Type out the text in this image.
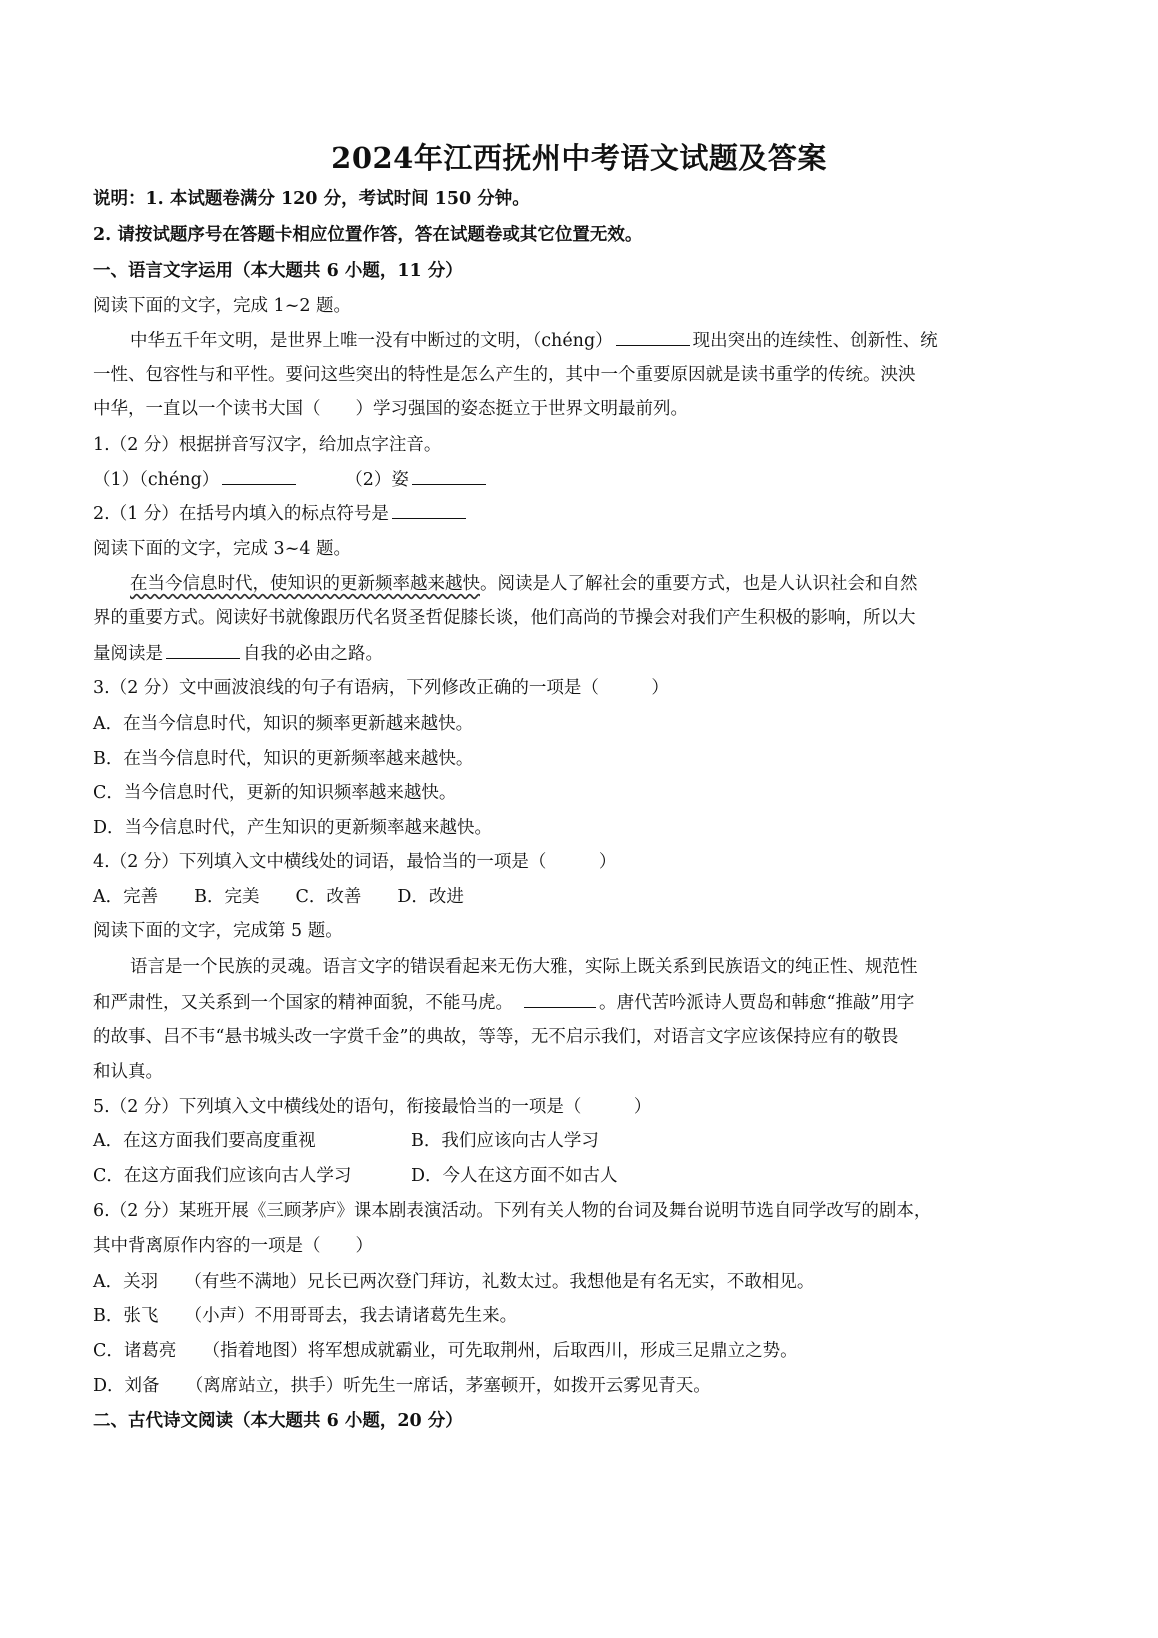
2024年江西抚州中考语文试题及答案
说明：1. 本试题卷满分 120 分，考试时间 150 分钟。
2. 请按试题序号在答题卡相应位置作答，答在试题卷或其它位置无效。
一、语言文字运用（本大题共 6 小题，11 分）
阅读下面的文字，完成 1~2 题。
中华五千年文明，是世界上唯一没有中断过的文明，（chéng）	现出突出的连续性、创新性、统
一性、包容性与和平性。要问这些突出的特性是怎么产生的，其中一个重要原因就是读书重学的传统。泱泱
中华，一直以一个读书大国（　　）学习强国的姿态挺立于世界文明最前列。
1.（2 分）根据拼音写汉字，给加点字注音。
（1）（chéng）	（2）姿
2.（1 分）在括号内填入的标点符号是
阅读下面的文字，完成 3~4 题。
在当今信息时代，使知识的更新频率越来越快。阅读是人了解社会的重要方式，也是人认识社会和自然
界的重要方式。阅读好书就像跟历代名贤圣哲促膝长谈，他们高尚的节操会对我们产生积极的影响，所以大
量阅读是	自我的必由之路。
3.（2 分）文中画波浪线的句子有语病，下列修改正确的一项是（　　　）
A．在当今信息时代，知识的频率更新越来越快。
B．在当今信息时代，知识的更新频率越来越快。
C．当今信息时代，更新的知识频率越来越快。
D．当今信息时代，产生知识的更新频率越来越快。
4.（2 分）下列填入文中横线处的词语，最恰当的一项是（　　　）
A．完善 B．完美 C．改善 D．改进
阅读下面的文字，完成第 5 题。
语言是一个民族的灵魂。语言文字的错误看起来无伤大雅，实际上既关系到民族语文的纯正性、规范性
和严肃性，又关系到一个国家的精神面貌，不能马虎。	。唐代苦吟派诗人贾岛和韩愈“推敲”用字
的故事、吕不韦“悬书城头改一字赏千金”的典故，等等，无不启示我们，对语言文字应该保持应有的敬畏
和认真。
5.（2 分）下列填入文中横线处的语句，衔接最恰当的一项是（　　　）
A．在这方面我们要高度重视	B．我们应该向古人学习
C．在这方面我们应该向古人学习	D．今人在这方面不如古人
6.（2 分）某班开展《三顾茅庐》课本剧表演活动。下列有关人物的台词及舞台说明节选自同学改写的剧本，
其中背离原作内容的一项是（　　）
A．关羽　　（有些不满地）兄长已两次登门拜访，礼数太过。我想他是有名无实，不敢相见。
B．张飞　　（小声）不用哥哥去，我去请诸葛先生来。
C．诸葛亮　　（指着地图）将军想成就霸业，可先取荆州，后取西川，形成三足鼎立之势。
D．刘备　　（离席站立，拱手）听先生一席话，茅塞顿开，如拨开云雾见青天。
二、古代诗文阅读（本大题共 6 小题，20 分）
